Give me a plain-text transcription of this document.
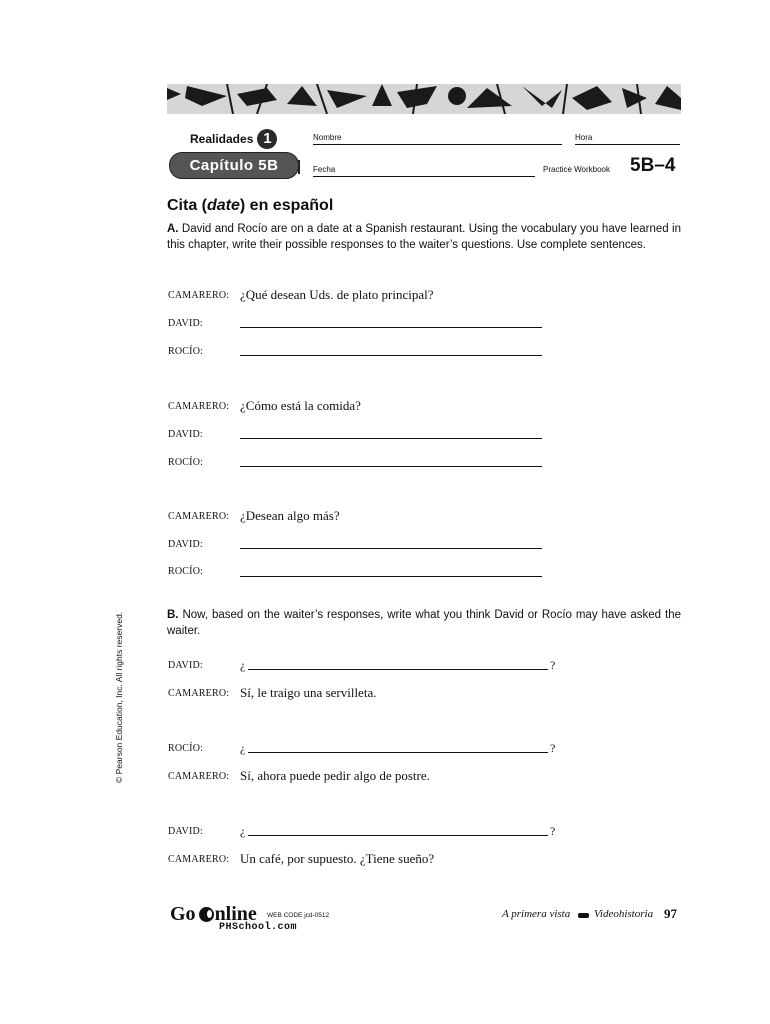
Realidades 1
Capítulo 5B
Nombre	Hora
Fecha	Practice Workbook 5B–4
Cita (date) en español
A. David and Rocío are on a date at a Spanish restaurant. Using the vocabulary you have learned in this chapter, write their possible responses to the waiter’s questions. Use complete sentences.
CAMARERO: ¿Qué desean Uds. de plato principal?
DAVID:
ROCÍO:
CAMARERO: ¿Cómo está la comida?
DAVID:
ROCÍO:
CAMARERO: ¿Desean algo más?
DAVID:
ROCÍO:
B. Now, based on the waiter’s responses, write what you think David or Rocío may have asked the waiter.
DAVID:	¿	?
CAMARERO: Sí, le traigo una servilleta.
ROCÍO:	¿	?
CAMARERO: Sí, ahora puede pedir algo de postre.
DAVID:	¿	?
CAMARERO: Un café, por supuesto. ¿Tiene sueño?
© Pearson Education, Inc. All rights reserved.
Go nline WEB CODE jcd-0512
PHSchool.com
A primera vista Videohistoria 97
